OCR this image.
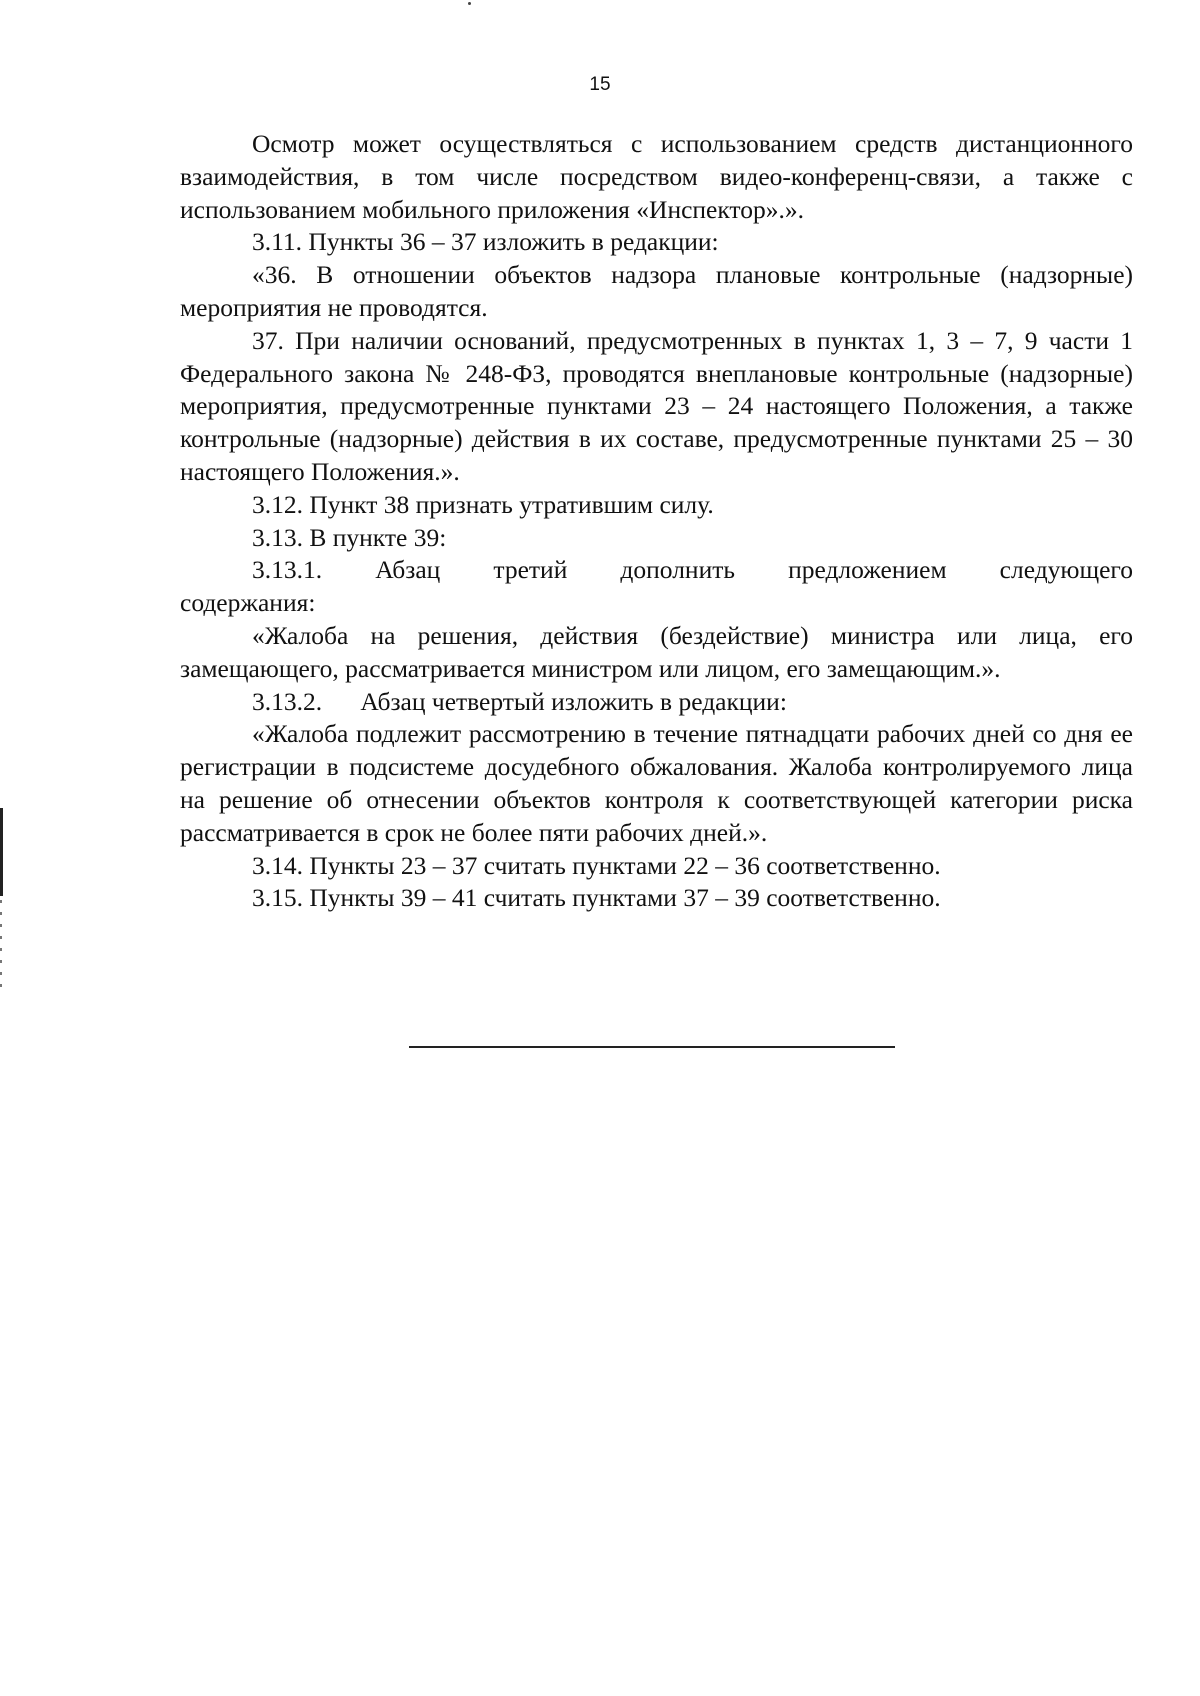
15

Осмотр может осуществляться с использованием средств дистанционного взаимодействия, в том числе посредством видео-конференц-связи, а также с использованием мобильного приложения «Инспектор».».

3.11. Пункты 36 – 37 изложить в редакции:

«36. В отношении объектов надзора плановые контрольные (надзорные) мероприятия не проводятся.

37. При наличии оснований, предусмотренных в пунктах 1, 3 – 7, 9 части 1 Федерального закона № 248-ФЗ, проводятся внеплановые контрольные (надзорные) мероприятия, предусмотренные пунктами 23 – 24 настоящего Положения, а также контрольные (надзорные) действия в их составе, предусмотренные пунктами 25 – 30 настоящего Положения.».

3.12. Пункт 38 признать утратившим силу.

3.13. В пункте 39:

3.13.1. Абзац третий дополнить предложением следующего
содержания:

«Жалоба на решения, действия (бездействие) министра или лица, его замещающего, рассматривается министром или лицом, его замещающим.».

3.13.2.      Абзац четвертый изложить в редакции:

«Жалоба подлежит рассмотрению в течение пятнадцати рабочих дней со дня ее регистрации в подсистеме досудебного обжалования. Жалоба контролируемого лица на решение об отнесении объектов контроля к соответствующей категории риска рассматривается в срок не более пяти рабочих дней.».

3.14. Пункты 23 – 37 считать пунктами 22 – 36 соответственно.

3.15. Пункты 39 – 41 считать пунктами 37 – 39 соответственно.
